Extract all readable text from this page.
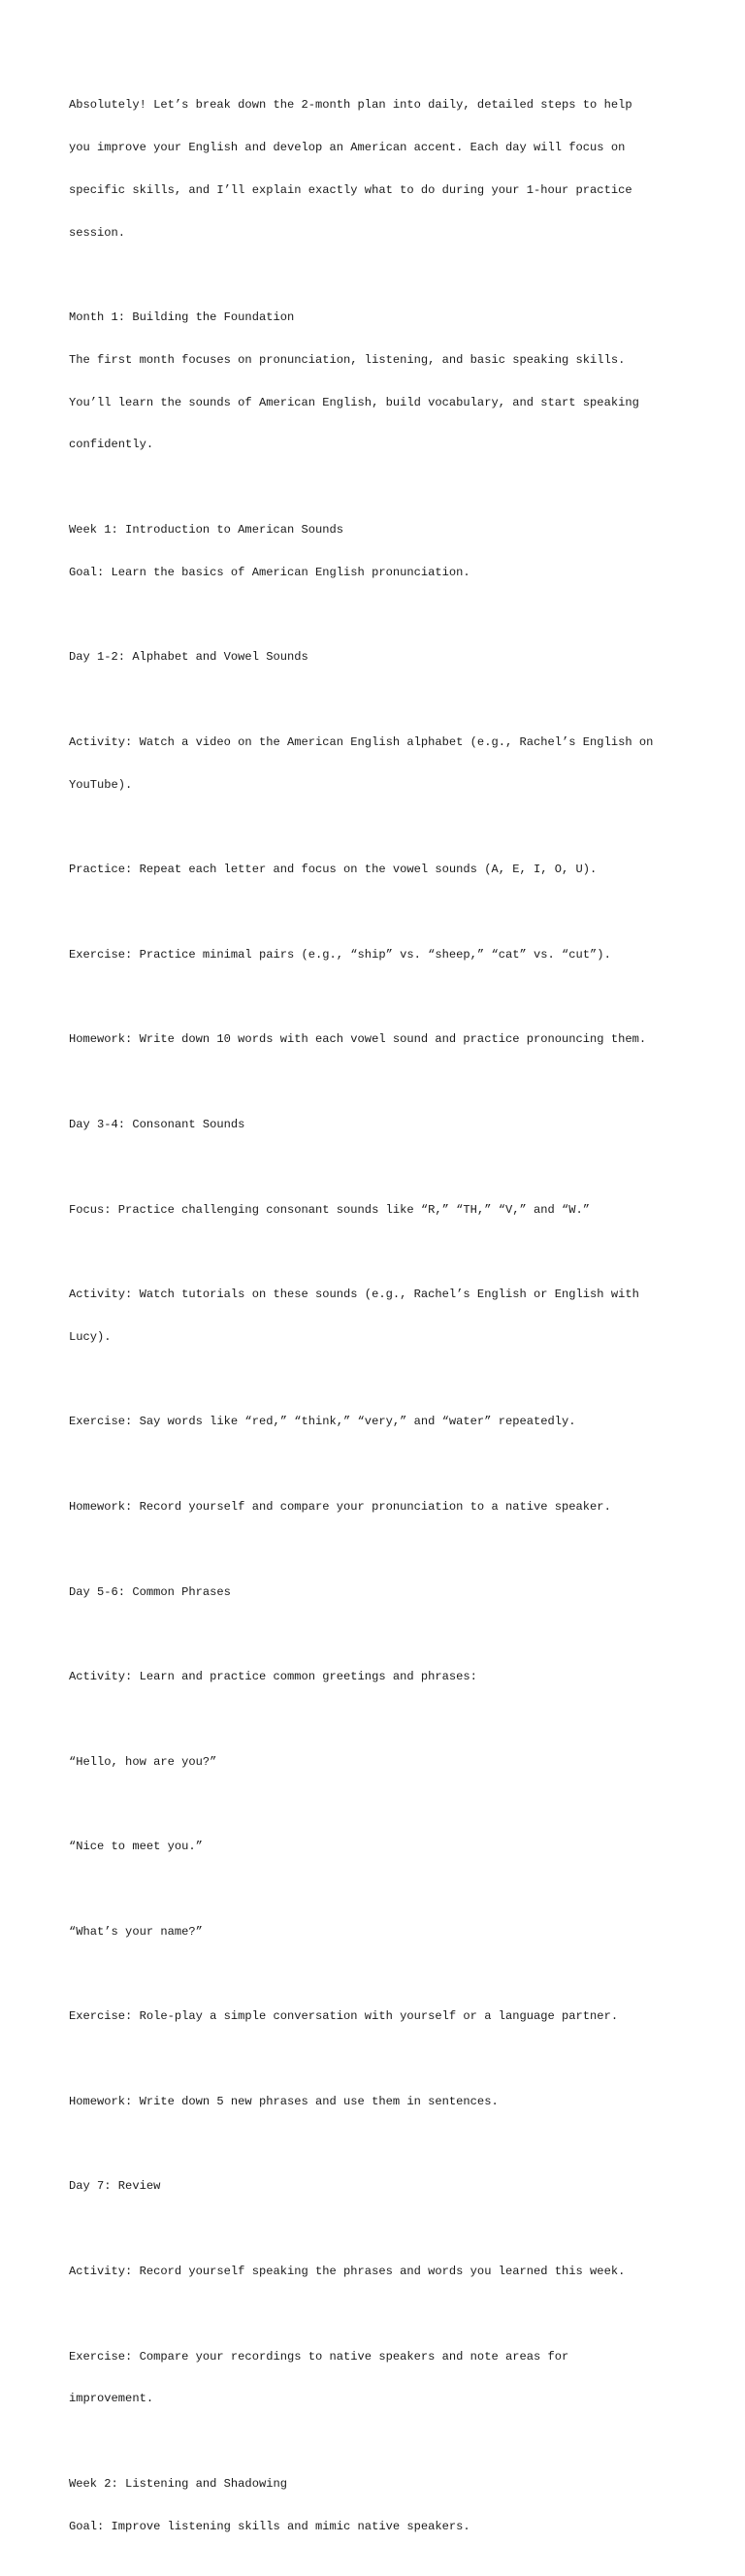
Absolutely! Let’s break down the 2-month plan into daily, detailed steps to help

you improve your English and develop an American accent. Each day will focus on

specific skills, and I’ll explain exactly what to do during your 1-hour practice

session.

Month 1: Building the Foundation

The first month focuses on pronunciation, listening, and basic speaking skills.

You’ll learn the sounds of American English, build vocabulary, and start speaking

confidently.

Week 1: Introduction to American Sounds

Goal: Learn the basics of American English pronunciation.

Day 1-2: Alphabet and Vowel Sounds

Activity: Watch a video on the American English alphabet (e.g., Rachel’s English on

YouTube).

Practice: Repeat each letter and focus on the vowel sounds (A, E, I, O, U).

Exercise: Practice minimal pairs (e.g., “ship” vs. “sheep,” “cat” vs. “cut”).

Homework: Write down 10 words with each vowel sound and practice pronouncing them.

Day 3-4: Consonant Sounds

Focus: Practice challenging consonant sounds like “R,” “TH,” “V,” and “W.”

Activity: Watch tutorials on these sounds (e.g., Rachel’s English or English with

Lucy).

Exercise: Say words like “red,” “think,” “very,” and “water” repeatedly.

Homework: Record yourself and compare your pronunciation to a native speaker.

Day 5-6: Common Phrases

Activity: Learn and practice common greetings and phrases:

“Hello, how are you?”

“Nice to meet you.”

“What’s your name?”

Exercise: Role-play a simple conversation with yourself or a language partner.

Homework: Write down 5 new phrases and use them in sentences.

Day 7: Review

Activity: Record yourself speaking the phrases and words you learned this week.

Exercise: Compare your recordings to native speakers and note areas for

improvement.

Week 2: Listening and Shadowing

Goal: Improve listening skills and mimic native speakers.
